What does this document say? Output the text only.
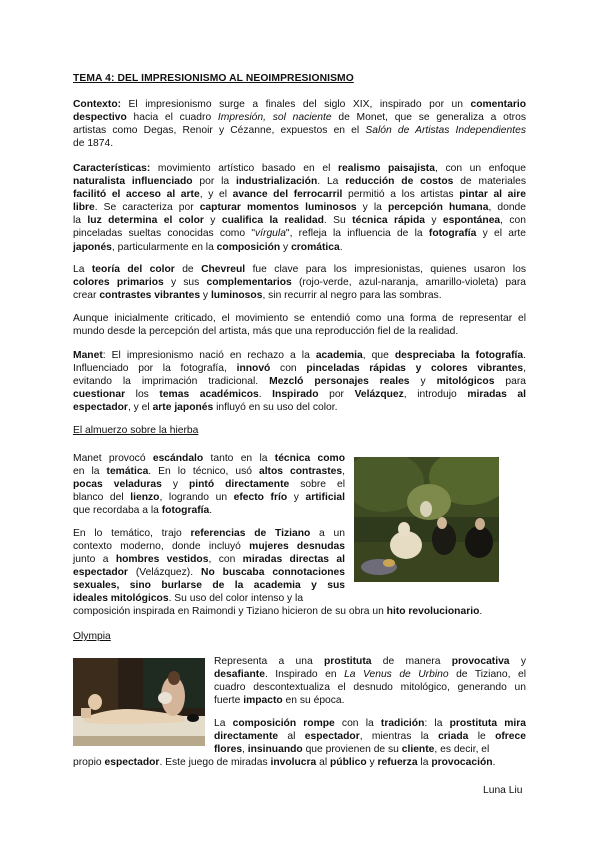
TEMA 4: DEL IMPRESIONISMO AL NEOIMPRESIONISMO
Contexto: El impresionismo surge a finales del siglo XIX, inspirado por un comentario
despectivo hacia el cuadro Impresión, sol naciente de Monet, que se generaliza a otros
artistas como Degas, Renoir y Cézanne, expuestos en el Salón de Artistas Independientes
de 1874.
Características: movimiento artístico basado en el realismo paisajista, con un enfoque
naturalista influenciado por la industrialización. La reducción de costos de materiales
facilitó el acceso al arte, y el avance del ferrocarril permitió a los artistas pintar al aire
libre. Se caracteriza por capturar momentos luminosos y la percepción humana, donde
la luz determina el color y cualifica la realidad. Su técnica rápida y espontánea, con
pinceladas sueltas conocidas como "vírgula", refleja la influencia de la fotografía y el arte
japonés, particularmente en la composición y cromática.
La teoría del color de Chevreul fue clave para los impresionistas, quienes usaron los
colores primarios y sus complementarios (rojo-verde, azul-naranja, amarillo-violeta) para
crear contrastes vibrantes y luminosos, sin recurrir al negro para las sombras.
Aunque inicialmente criticado, el movimiento se entendió como una forma de representar el
mundo desde la percepción del artista, más que una reproducción fiel de la realidad.
Manet: El impresionismo nació en rechazo a la academia, que despreciaba la fotografía.
Influenciado por la fotografía, innovó con pinceladas rápidas y colores vibrantes,
evitando la imprimación tradicional. Mezcló personajes reales y mitológicos para
cuestionar los temas académicos. Inspirado por Velázquez, introdujo miradas al
espectador, y el arte japonés influyó en su uso del color.
El almuerzo sobre la hierba
Manet provocó escándalo tanto en la técnica como
en la temática. En lo técnico, usó altos contrastes,
pocas veladuras y pintó directamente sobre el
blanco del lienzo, logrando un efecto frío y artificial
que recordaba a la fotografía.
En lo temático, trajo referencias de Tiziano a un
contexto moderno, donde incluyó mujeres desnudas
junto a hombres vestidos, con miradas directas al
espectador (Velázquez). No buscaba connotaciones
sexuales, sino burlarse de la academia y sus
ideales mitológicos. Su uso del color intenso y la
composición inspirada en Raimondi y Tiziano hicieron de su obra un hito revolucionario.
Olympia
Representa a una prostituta de manera provocativa y
desafiante. Inspirado en La Venus de Urbino de Tiziano, el
cuadro descontextualiza el desnudo mitológico, generando un
fuerte impacto en su época.
La composición rompe con la tradición: la prostituta mira
directamente al espectador, mientras la criada le ofrece
flores, insinuando que provienen de su cliente, es decir, el
propio espectador. Este juego de miradas involucra al público y refuerza la provocación.
Luna Liu
